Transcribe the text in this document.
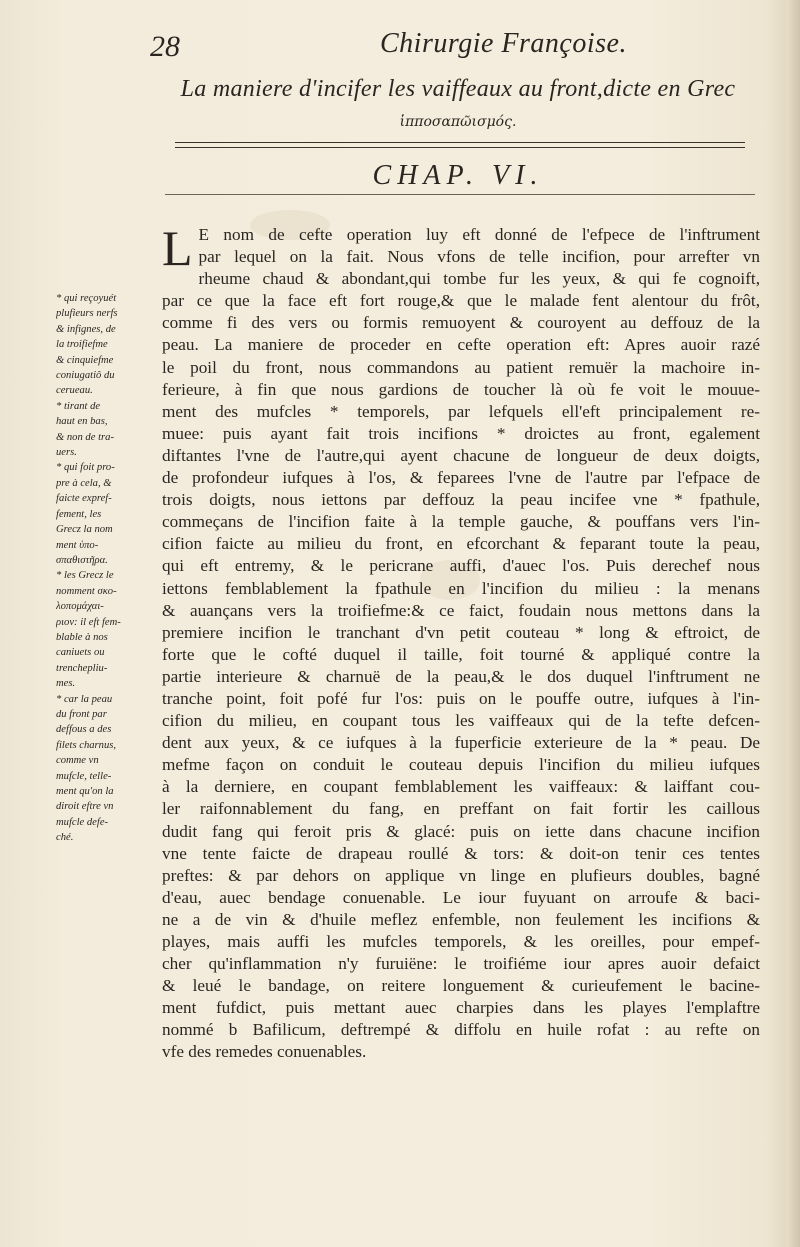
28	Chirurgie Françoise.
La maniere d'incifer les vaiffeaux au front,dicte en Grec
ἱπποσαπῶισμός.
CHAP. VI.
L E nom de cefte operation luy eft donné de l'efpece de l'inftrument
par lequel on la fait. Nous vfons de telle incifion, pour arrefter vn
rheume chaud & abondant,qui tombe fur les yeux, & qui fe cognoift,
par ce que la face eft fort rouge,& que le malade fent alentour du frôt,
comme fi des vers ou formis remuoyent & couroyent au deffouz de la
peau. La maniere de proceder en cefte operation eft: Apres auoir razé
le poil du front, nous commandons au patient remuër la machoire in-
ferieure, à fin que nous gardions de toucher là où fe voit le mouue-
ment des mufcles * temporels, par lefquels ell'eft principalement re-
muee: puis ayant fait trois incifions * droictes au front, egalement
diftantes l'vne de l'autre,qui ayent chacune de longueur de deux doigts,
de profondeur iufques à l'os, & feparees l'vne de l'autre par l'efpace de
trois doigts, nous iettons par deffouz la peau incifee vne * fpathule,
commeçans de l'incifion faite à la temple gauche, & pouffans vers l'in-
cifion faicte au milieu du front, en efcorchant & feparant toute la peau,
qui eft entremy, & le pericrane auffi, d'auec l'os. Puis derechef nous
iettons femblablement la fpathule en l'incifion du milieu : la menans
& auançans vers la troifiefme:& ce faict, foudain nous mettons dans la
premiere incifion le tranchant d'vn petit couteau * long & eftroict, de
forte que le cofté duquel il taille, foit tourné & appliqué contre la
partie interieure & charnuë de la peau,& le dos duquel l'inftrument ne
tranche point, foit pofé fur l'os: puis on le pouffe outre, iufques à l'in-
cifion du milieu, en coupant tous les vaiffeaux qui de la tefte defcen-
dent aux yeux, & ce iufques à la fuperficie exterieure de la * peau. De
mefme façon on conduit le couteau depuis l'incifion du milieu iufques
à la derniere, en coupant femblablement les vaiffeaux: & laiffant cou-
ler raifonnablement du fang, en preffant on fait fortir les caillous
dudit fang qui feroit pris & glacé: puis on iette dans chacune incifion
vne tente faicte de drapeau roullé & tors: & doit-on tenir ces tentes
preftes: & par dehors on applique vn linge en plufieurs doubles, bagné
d'eau, auec bendage conuenable. Le iour fuyuant on arroufe & baci-
ne a de vin & d'huile meflez enfemble, non feulement les incifions &
playes, mais auffi les mufcles temporels, & les oreilles, pour empef-
cher qu'inflammation n'y furuiëne: le troifiéme iour apres auoir defaict
& leué le bandage, on reitere longuement & curieufement le bacine-
ment fufdict, puis mettant auec charpies dans les playes l'emplaftre
nommé b Bafilicum, deftrempé & diffolu en huile rofat : au refte on
vfe des remedes conuenables.
* qui reçoyuét
plufieurs nerfs
& infignes, de
la troifiefme
& cinquiefme
coniugatiô du
cerueau.
* tirant de
haut en bas,
& non de tra-
uers.
* qui foit pro-
pre à cela, &
faicte expref-
fement, les
Grecz la nom
ment ὑπο-
σπαθιστῆρα.
* les Grecz le
nomment σκο-
λοπομάχαι-
ριον: il eft fem-
blable à nos
caniuets ou
trenchepliu-
mes.
* car la peau
du front par
deffous a des
filets charnus,
comme vn
mufcle, telle-
ment qu'on la
diroit eftre vn
mufcle defe-
ché.
